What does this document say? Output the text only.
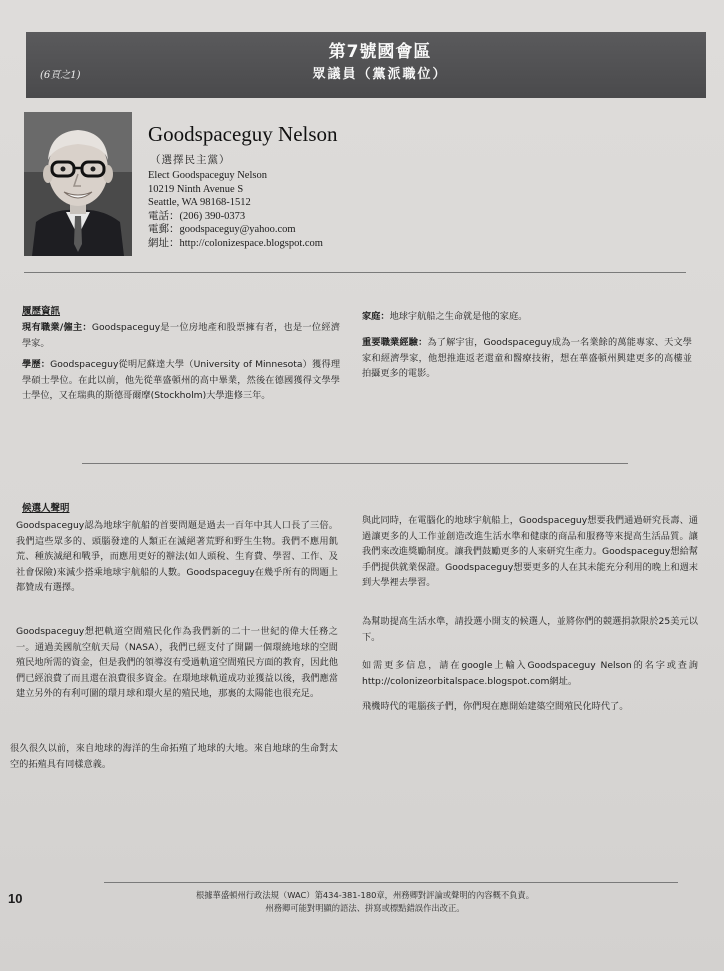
(6頁之1)
第7號國會區
眾議員（黨派職位）
Goodspaceguy Nelson
（選擇民主黨）
Elect Goodspaceguy Nelson
10219 Ninth Avenue S
Seattle, WA 98168-1512
電話：(206) 390-0373
電郵：goodspaceguy@yahoo.com
網址：http://colonizespace.blogspot.com
履歷資訊
現有職業/僱主：Goodspaceguy是一位房地產和股票擁有者，也是一位經濟學家。
學歷：Goodspaceguy從明尼蘇達大學（University of Minnesota）獲得理學碩士學位。在此以前，他先從華盛頓州的高中畢業，然後在德國獲得文學學士學位，又在瑞典的斯德哥爾摩(Stockholm)大學進修三年。
家庭：地球宇航船之生命就是他的家庭。
重要職業經驗：為了解宇宙，Goodspaceguy成為一名業餘的萬能專家、天文學家和經濟學家，他想推進返老還童和醫療技術，想在華盛頓州興建更多的高樓並拍攝更多的電影。
候選人聲明
Goodspaceguy認為地球宇航船的首要問題是過去一百年中其人口長了三倍。我們這些眾多的、頭腦發達的人類正在滅絕著荒野和野生生物。我們不應用飢荒、種族滅絕和戰爭，而應用更好的辦法(如人頭稅、生育費、學習、工作、及社會保險)來減少搭乘地球宇航船的人數。Goodspaceguy在幾乎所有的問題上都贊成有選擇。
Goodspaceguy想把軌道空間殖民化作為我們新的二十一世紀的偉大任務之一。通過美國航空航天局（NASA），我們已經支付了開闢一個環繞地球的空間殖民地所需的資金，但是我們的領導沒有受過軌道空間殖民方面的教育，因此他們已經浪費了而且還在浪費很多資金。在環地球軌道成功並獲益以後，我們應當建立另外的有利可圖的環月球和環火星的殖民地，那裏的太陽能也很充足。
很久很久以前，來自地球的海洋的生命拓殖了地球的大地。來自地球的生命對太空的拓殖具有同樣意義。
與此同時，在電腦化的地球宇航船上，Goodspaceguy想要我們通過研究長壽、通過讓更多的人工作並創造改進生活水準和健康的商品和服務等來提高生活品質。讓我們來改進獎勵制度。讓我們鼓勵更多的人來研究生產力。Goodspaceguy想給幫手們提供就業保證。Goodspaceguy想要更多的人在其未能充分利用的晚上和週末到大學裡去學習。
為幫助提高生活水準，請投選小開支的候選人，並將你們的競選捐款限於25美元以下。
如需更多信息，請在google上輸入Goodspaceguy Nelson的名字或查詢http://colonizeorbitalspace.blogspot.com網址。
飛機時代的電腦孩子們，你們現在應開始建築空間殖民化時代了。
10	根據華盛頓州行政法規（WAC）第434-381-180章，州務卿對評論或聲明的內容概不負責。
州務卿可能對明顯的語法、拼寫或標點錯誤作出改正。
